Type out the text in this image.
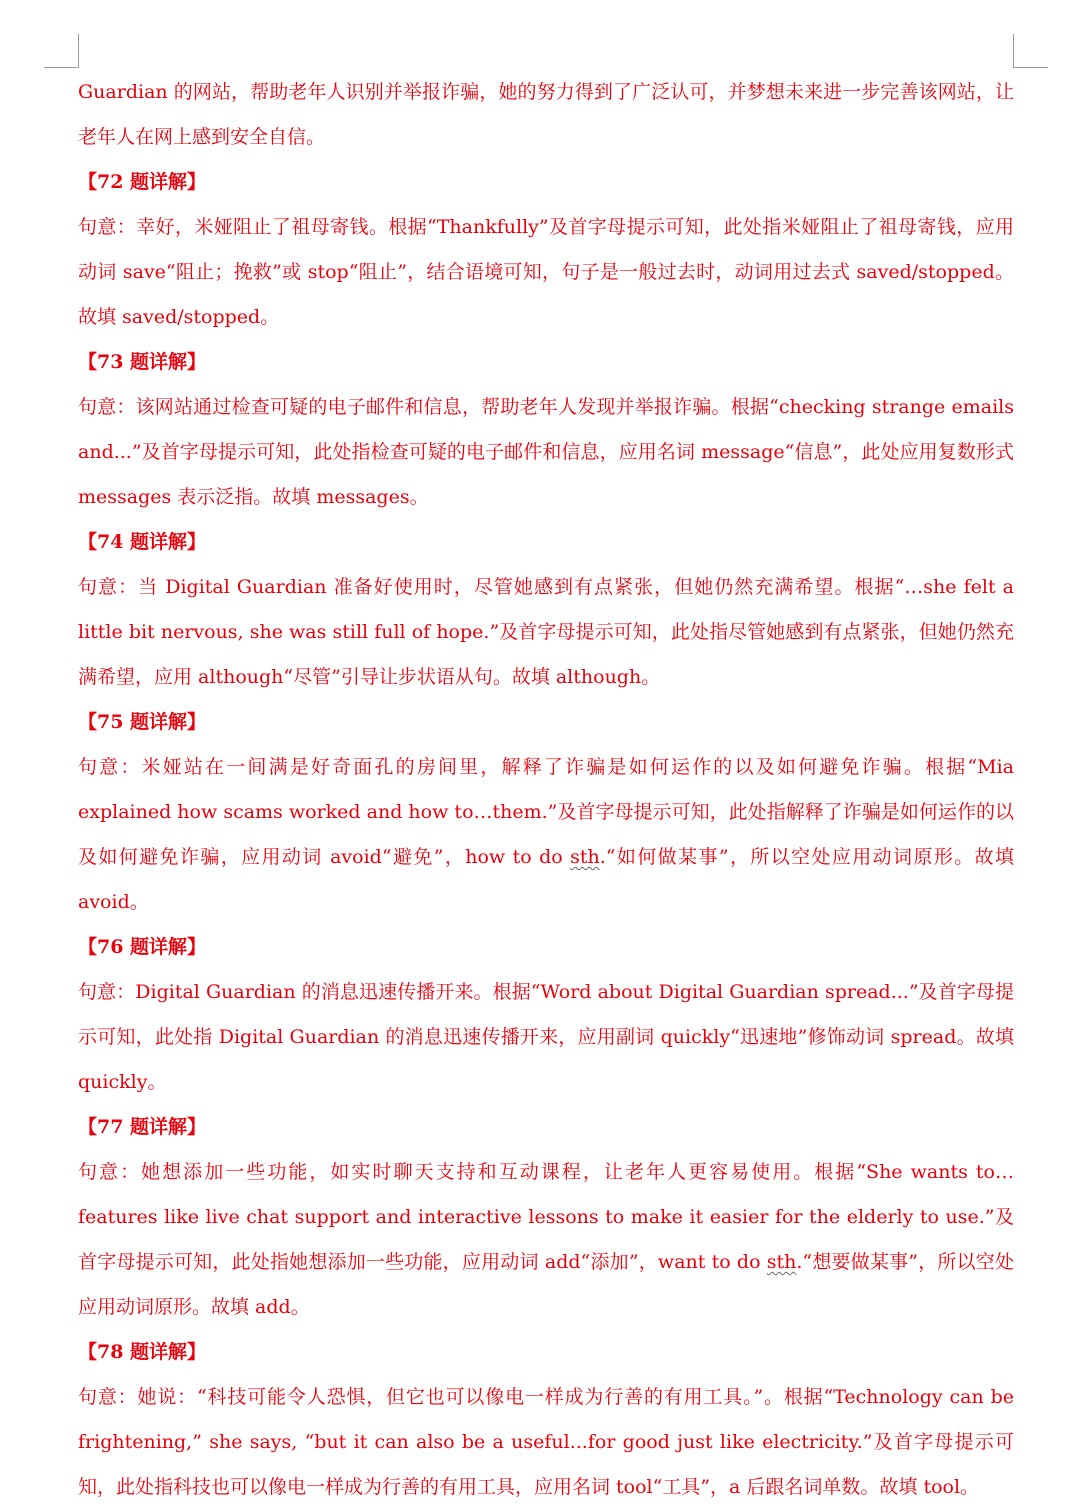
Guardian 的网站，帮助老年人识别并举报诈骗，她的努力得到了广泛认可，并梦想未来进一步完善该网站，让老年人在网上感到安全自信。

【72 题详解】

句意：幸好，米娅阻止了祖母寄钱。根据“Thankfully”及首字母提示可知，此处指米娅阻止了祖母寄钱，应用动词 save“阻止；挽救”或 stop“阻止”，结合语境可知，句子是一般过去时，动词用过去式 saved/stopped。故填 saved/stopped。

【73 题详解】

句意：该网站通过检查可疑的电子邮件和信息，帮助老年人发现并举报诈骗。根据“checking strange emails and...”及首字母提示可知，此处指检查可疑的电子邮件和信息，应用名词 message“信息”，此处应用复数形式 messages 表示泛指。故填 messages。

【74 题详解】

句意：当 Digital Guardian 准备好使用时，尽管她感到有点紧张，但她仍然充满希望。根据“…she felt a little bit nervous, she was still full of hope.”及首字母提示可知，此处指尽管她感到有点紧张，但她仍然充满希望，应用 although“尽管”引导让步状语从句。故填 although。

【75 题详解】

句意：米娅站在一间满是好奇面孔的房间里，解释了诈骗是如何运作的以及如何避免诈骗。根据“Mia explained how scams worked and how to…them.”及首字母提示可知，此处指解释了诈骗是如何运作的以及如何避免诈骗，应用动词 avoid“避免”，how to do sth.“如何做某事”，所以空处应用动词原形。故填 avoid。

【76 题详解】

句意：Digital Guardian 的消息迅速传播开来。根据“Word about Digital Guardian spread...”及首字母提示可知，此处指 Digital Guardian 的消息迅速传播开来，应用副词 quickly“迅速地”修饰动词 spread。故填 quickly。

【77 题详解】

句意：她想添加一些功能，如实时聊天支持和互动课程，让老年人更容易使用。根据“She wants to…features like live chat support and interactive lessons to make it easier for the elderly to use.”及首字母提示可知，此处指她想添加一些功能，应用动词 add“添加”，want to do sth.“想要做某事”，所以空处应用动词原形。故填 add。

【78 题详解】

句意：她说：“科技可能令人恐惧，但它也可以像电一样成为行善的有用工具。”。根据“Technology can be frightening,” she says, “but it can also be a useful...for good just like electricity.”及首字母提示可知，此处指科技也可以像电一样成为行善的有用工具，应用名词 tool“工具”，a 后跟名词单数。故填 tool。
